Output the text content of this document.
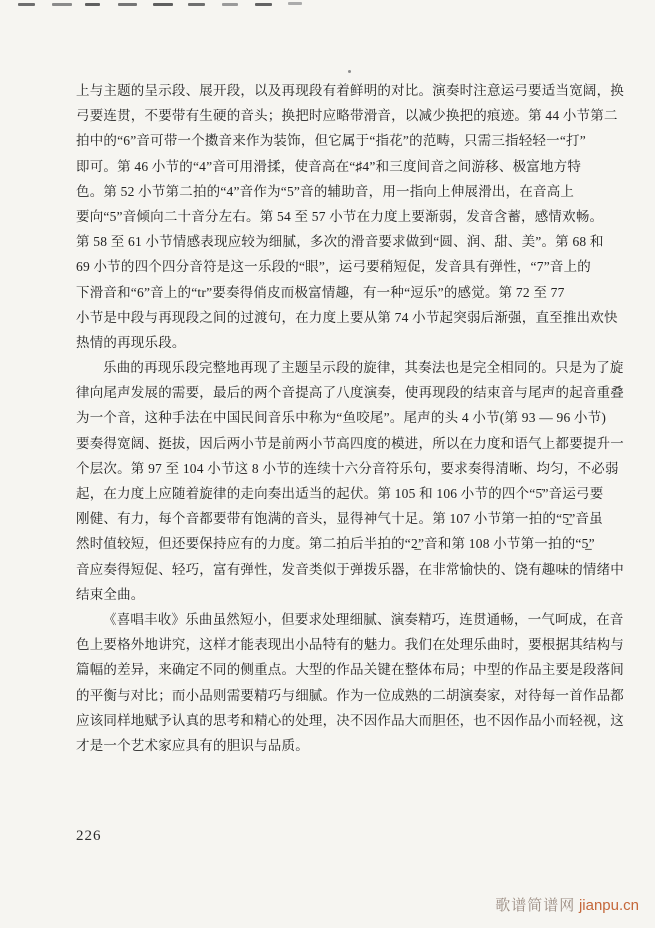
上与主题的呈示段、展开段，以及再现段有着鲜明的对比。演奏时注意运弓要适当宽阔，换
弓要连贯，不要带有生硬的音头；换把时应略带滑音，以减少换把的痕迹。第 44 小节第二
拍中的“6”音可带一个擞音来作为装饰，但它属于“指花”的范畴，只需三指轻轻一“打”
即可。第 46 小节的“4”音可用滑揉，使音高在“♯4”和三度间音之间游移、极富地方特
色。第 52 小节第二拍的“4”音作为“5”音的辅助音，用一指向上伸展滑出，在音高上
要向“5”音倾向二十音分左右。第 54 至 57 小节在力度上要渐弱，发音含蓄，感情欢畅。
第 58 至 61 小节情感表现应较为细腻，多次的滑音要求做到“圆、润、甜、美”。第 68 和
69 小节的四个四分音符是这一乐段的“眼”，运弓要稍短促，发音具有弹性，“7”音上的
下滑音和“6”音上的“tr”要奏得俏皮而极富情趣，有一种“逗乐”的感觉。第 72 至 77
小节是中段与再现段之间的过渡句，在力度上要从第 74 小节起突弱后渐强，直至推出欢快
热情的再现乐段。
乐曲的再现乐段完整地再现了主题呈示段的旋律，其奏法也是完全相同的。只是为了旋
律向尾声发展的需要，最后的两个音提高了八度演奏，使再现段的结束音与尾声的起音重叠
为一个音，这种手法在中国民间音乐中称为“鱼咬尾”。尾声的头 4 小节(第 93 — 96 小节)
要奏得宽阔、挺拔，因后两小节是前两小节高四度的模进，所以在力度和语气上都要提升一
个层次。第 97 至 104 小节这 8 小节的连续十六分音符乐句，要求奏得清晰、均匀，不必弱
起，在力度上应随着旋律的走向奏出适当的起伏。第 105 和 106 小节的四个“5̇”音运弓要
刚健、有力，每个音都要带有饱满的音头，显得神气十足。第 107 小节第一拍的“5̲̇”音虽
然时值较短，但还要保持应有的力度。第二拍后半拍的“2̲”音和第 108 小节第一拍的“5̲”
音应奏得短促、轻巧，富有弹性，发音类似于弹拨乐器，在非常愉快的、饶有趣味的情绪中
结束全曲。
《喜唱丰收》乐曲虽然短小，但要求处理细腻、演奏精巧，连贯通畅，一气呵成，在音
色上要格外地讲究，这样才能表现出小品特有的魅力。我们在处理乐曲时，要根据其结构与
篇幅的差异，来确定不同的侧重点。大型的作品关键在整体布局；中型的作品主要是段落间
的平衡与对比；而小品则需要精巧与细腻。作为一位成熟的二胡演奏家，对待每一首作品都
应该同样地赋予认真的思考和精心的处理，决不因作品大而胆伾，也不因作品小而轻视，这
才是一个艺术家应具有的胆识与品质。
226
歌谱简谱网 jianpu.cn
